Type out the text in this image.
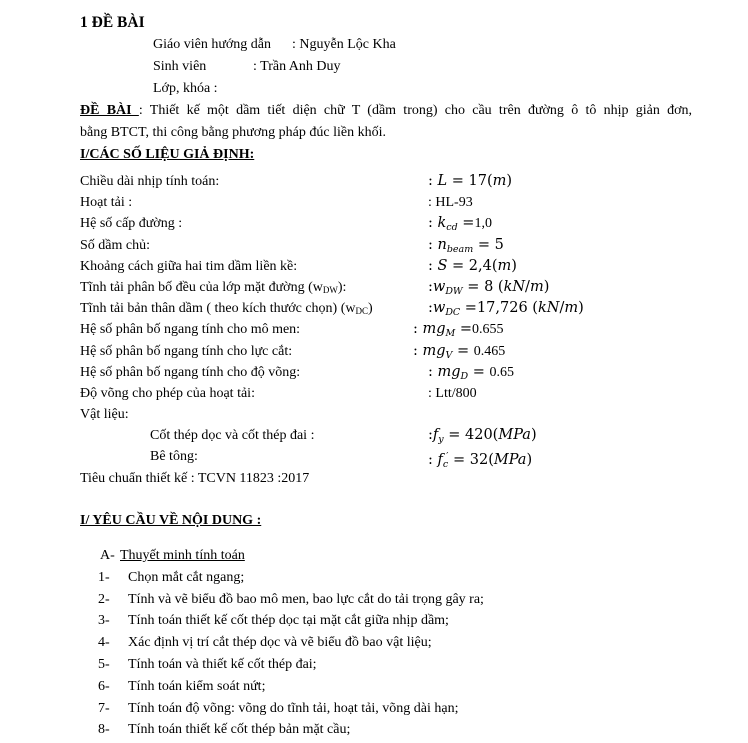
1 ĐỀ BÀI
Giáo viên hướng dẫn : Nguyễn Lộc Kha
Sinh viên	: Trần Anh Duy
Lớp, khóa :
ĐỀ BÀI : Thiết kế một dầm tiết diện chữ T (dầm trong) cho cầu trên đường ô tô nhịp giản đơn,
bằng BTCT, thi công bằng phương pháp đúc liền khối.
I/CÁC SỐ LIỆU GIẢ ĐỊNH:
Chiều dài nhịp tính toán:	: L = 17(m)
Hoạt tải :	: HL-93
Hệ số cấp đường :	: $k_{cd} =1,0$
Số dầm chủ:	: $n_{beam} = 5$
Khoảng cách giữa hai tim dầm liền kề:	: S = 2,4(m)
Tĩnh tải phân bố đều của lớp mặt đường (wDW):	$:w_{DW} = 8$ (kN/m)
Tĩnh tải bản thân dầm ( theo kích thước chọn) (wDC)	$:w_{DC} =17,726$ (kN/m)
Hệ số phân bố ngang tính cho mô men:	: $mg_M =0.655$
Hệ số phân bố ngang tính cho lực cắt:	: $mg_V = 0.465$
Hệ số phân bố ngang tính cho độ võng:	: $mg_D = 0.65$
Độ võng cho phép của hoạt tải:	: Ltt/800
Vật liệu:
Cốt thép dọc và cốt thép đai :	$:f_y = 420(MPa)$
Bê tông:	: $f_c' = 32(MPa)$
Tiêu chuẩn thiết kế : TCVN 11823 :2017
I/ YÊU CẦU VỀ NỘI DUNG :
A- Thuyết minh tính toán
1- Chọn mắt cắt ngang;
2- Tính và vẽ biểu đồ bao mô men, bao lực cắt do tải trọng gây ra;
3- Tính toán thiết kế cốt thép dọc tại mặt cắt giữa nhịp dầm;
4- Xác định vị trí cắt thép dọc và vẽ biểu đồ bao vật liệu;
5- Tính toán và thiết kế cốt thép đai;
6- Tính toán kiểm soát nứt;
7- Tính toán độ võng: võng do tĩnh tải, hoạt tải, võng dài hạn;
8- Tính toán thiết kế cốt thép bản mặt cầu;
